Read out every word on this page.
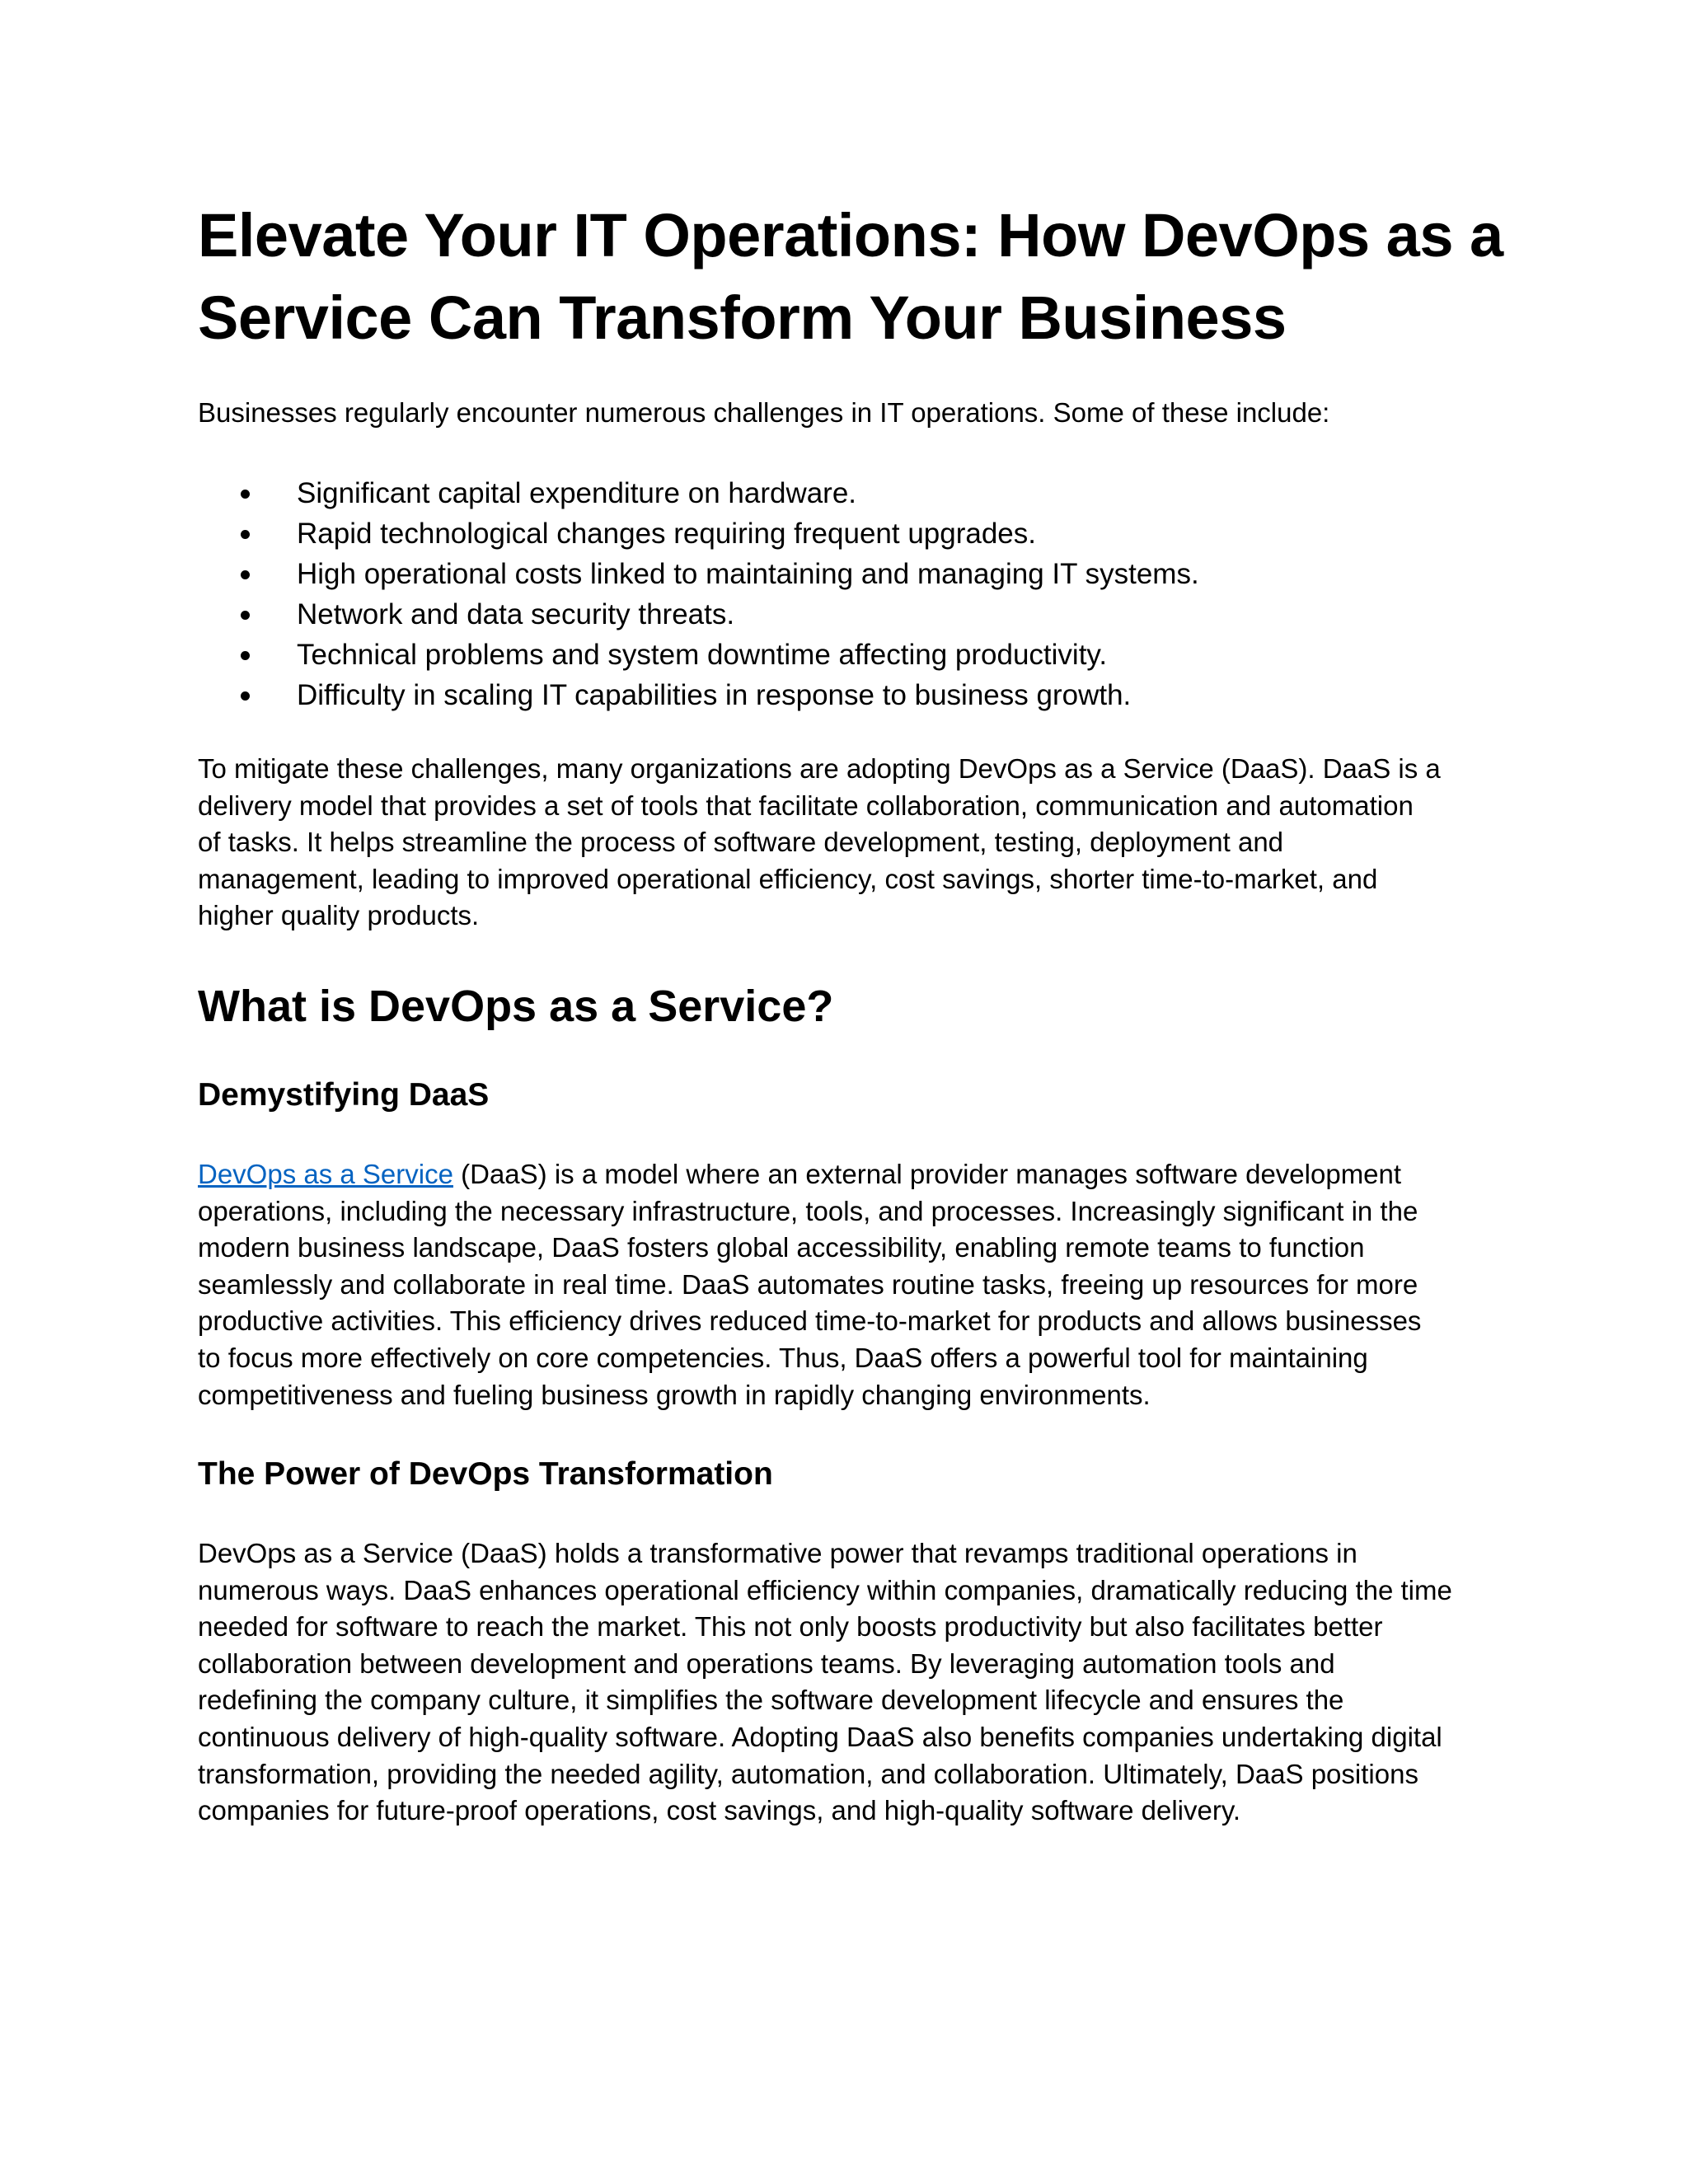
Elevate Your IT Operations: How DevOps as a
Service Can Transform Your Business

Businesses regularly encounter numerous challenges in IT operations. Some of these include:

Significant capital expenditure on hardware.
Rapid technological changes requiring frequent upgrades.
High operational costs linked to maintaining and managing IT systems.
Network and data security threats.
Technical problems and system downtime affecting productivity.
Difficulty in scaling IT capabilities in response to business growth.

To mitigate these challenges, many organizations are adopting DevOps as a Service (DaaS). DaaS is a
delivery model that provides a set of tools that facilitate collaboration, communication and automation
of tasks. It helps streamline the process of software development, testing, deployment and
management, leading to improved operational efficiency, cost savings, shorter time-to-market, and
higher quality products.

What is DevOps as a Service?
Demystifying DaaS

DevOps as a Service (DaaS) is a model where an external provider manages software development
operations, including the necessary infrastructure, tools, and processes. Increasingly significant in the
modern business landscape, DaaS fosters global accessibility, enabling remote teams to function
seamlessly and collaborate in real time. DaaS automates routine tasks, freeing up resources for more
productive activities. This efficiency drives reduced time-to-market for products and allows businesses
to focus more effectively on core competencies. Thus, DaaS offers a powerful tool for maintaining
competitiveness and fueling business growth in rapidly changing environments.

The Power of DevOps Transformation

DevOps as a Service (DaaS) holds a transformative power that revamps traditional operations in
numerous ways. DaaS enhances operational efficiency within companies, dramatically reducing the time
needed for software to reach the market. This not only boosts productivity but also facilitates better
collaboration between development and operations teams. By leveraging automation tools and
redefining the company culture, it simplifies the software development lifecycle and ensures the
continuous delivery of high-quality software. Adopting DaaS also benefits companies undertaking digital
transformation, providing the needed agility, automation, and collaboration. Ultimately, DaaS positions
companies for future-proof operations, cost savings, and high-quality software delivery.
